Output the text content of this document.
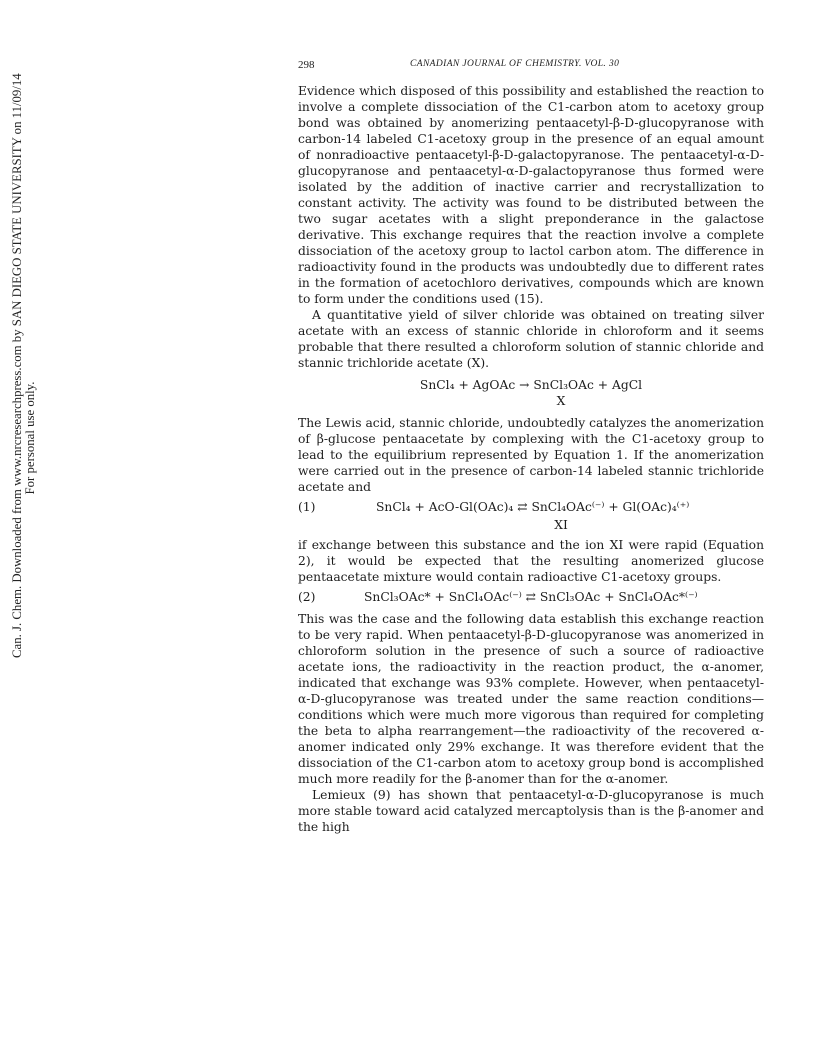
Can. J. Chem. Downloaded from www.nrcresearchpress.com by SAN DIEGO STATE UNIVERSITY on 11/09/14 For personal use only.
298	CANADIAN JOURNAL OF CHEMISTRY. VOL. 30

Evidence which disposed of this possibility and established the reaction to involve a complete dissociation of the C1-carbon atom to acetoxy group bond was obtained by anomerizing pentaacetyl-β-D-glucopyranose with carbon-14 labeled C1-acetoxy group in the presence of an equal amount of nonradioactive pentaacetyl-β-D-galactopyranose. The pentaacetyl-α-D-glucopyranose and pentaacetyl-α-D-galactopyranose thus formed were isolated by the addition of inactive carrier and recrystallization to constant activity. The activity was found to be distributed between the two sugar acetates with a slight preponderance in the galactose derivative. This exchange requires that the reaction involve a complete dissociation of the acetoxy group to lactol carbon atom. The difference in radioactivity found in the products was undoubtedly due to different rates in the formation of acetochloro derivatives, compounds which are known to form under the conditions used (15).

A quantitative yield of silver chloride was obtained on treating silver acetate with an excess of stannic chloride in chloroform and it seems probable that there resulted a chloroform solution of stannic chloride and stannic trichloride acetate (X).

SnCl₄ + AgOAc → SnCl₃OAc + AgCl
X

The Lewis acid, stannic chloride, undoubtedly catalyzes the anomerization of β-glucose pentaacetate by complexing with the C1-acetoxy group to lead to the equilibrium represented by Equation 1. If the anomerization were carried out in the presence of carbon-14 labeled stannic trichloride acetate and

(1)	SnCl₄ + AcO-Gl(OAc)₄ ⇄ SnCl₄OAc⁽⁻⁾ + Gl(OAc)₄⁽⁺⁾
XI

if exchange between this substance and the ion XI were rapid (Equation 2), it would be expected that the resulting anomerized glucose pentaacetate mixture would contain radioactive C1-acetoxy groups.

(2)	SnCl₃OAc* + SnCl₄OAc⁽⁻⁾ ⇄ SnCl₃OAc + SnCl₄OAc*⁽⁻⁾

This was the case and the following data establish this exchange reaction to be very rapid. When pentaacetyl-β-D-glucopyranose was anomerized in chloroform solution in the presence of such a source of radioactive acetate ions, the radioactivity in the reaction product, the α-anomer, indicated that exchange was 93% complete. However, when pentaacetyl-α-D-glucopyranose was treated under the same reaction conditions—conditions which were much more vigorous than required for completing the beta to alpha rearrangement—the radioactivity of the recovered α-anomer indicated only 29% exchange. It was therefore evident that the dissociation of the C1-carbon atom to acetoxy group bond is accomplished much more readily for the β-anomer than for the α-anomer.

Lemieux (9) has shown that pentaacetyl-α-D-glucopyranose is much more stable toward acid catalyzed mercaptolysis than is the β-anomer and the high
